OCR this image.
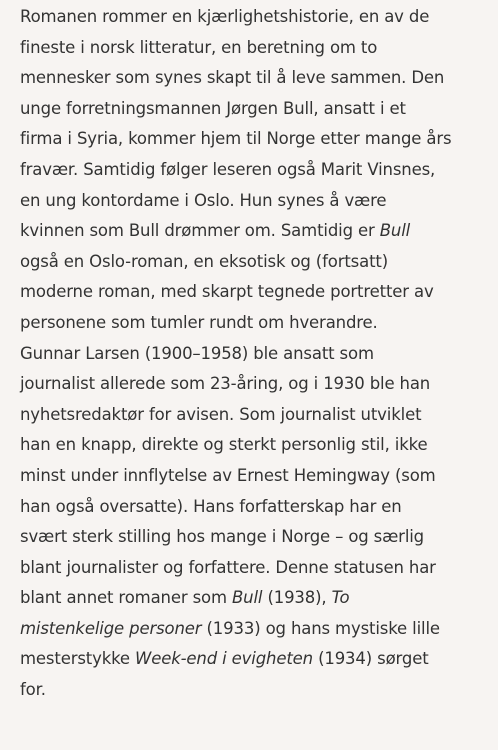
Romanen rommer en kjærlighetshistorie, en av de
fineste i norsk litteratur, en beretning om to
mennesker som synes skapt til å leve sammen. Den
unge forretningsmannen Jørgen Bull, ansatt i et
firma i Syria, kommer hjem til Norge etter mange års
fravær. Samtidig følger leseren også Marit Vinsnes,
en ung kontordame i Oslo. Hun synes å være
kvinnen som Bull drømmer om. Samtidig er Bull
også en Oslo-roman, en eksotisk og (fortsatt)
moderne roman, med skarpt tegnede portretter av
personene som tumler rundt om hverandre.

Gunnar Larsen (1900–1958) ble ansatt som
journalist allerede som 23-åring, og i 1930 ble han
nyhetsredaktør for avisen. Som journalist utviklet
han en knapp, direkte og sterkt personlig stil, ikke
minst under innflytelse av Ernest Hemingway (som
han også oversatte). Hans forfatterskap har en
svært sterk stilling hos mange i Norge – og særlig
blant journalister og forfattere. Denne statusen har
blant annet romaner som Bull (1938), To
mistenkelige personer (1933) og hans mystiske lille
mesterstykke Week-end i evigheten (1934) sørget
for.
